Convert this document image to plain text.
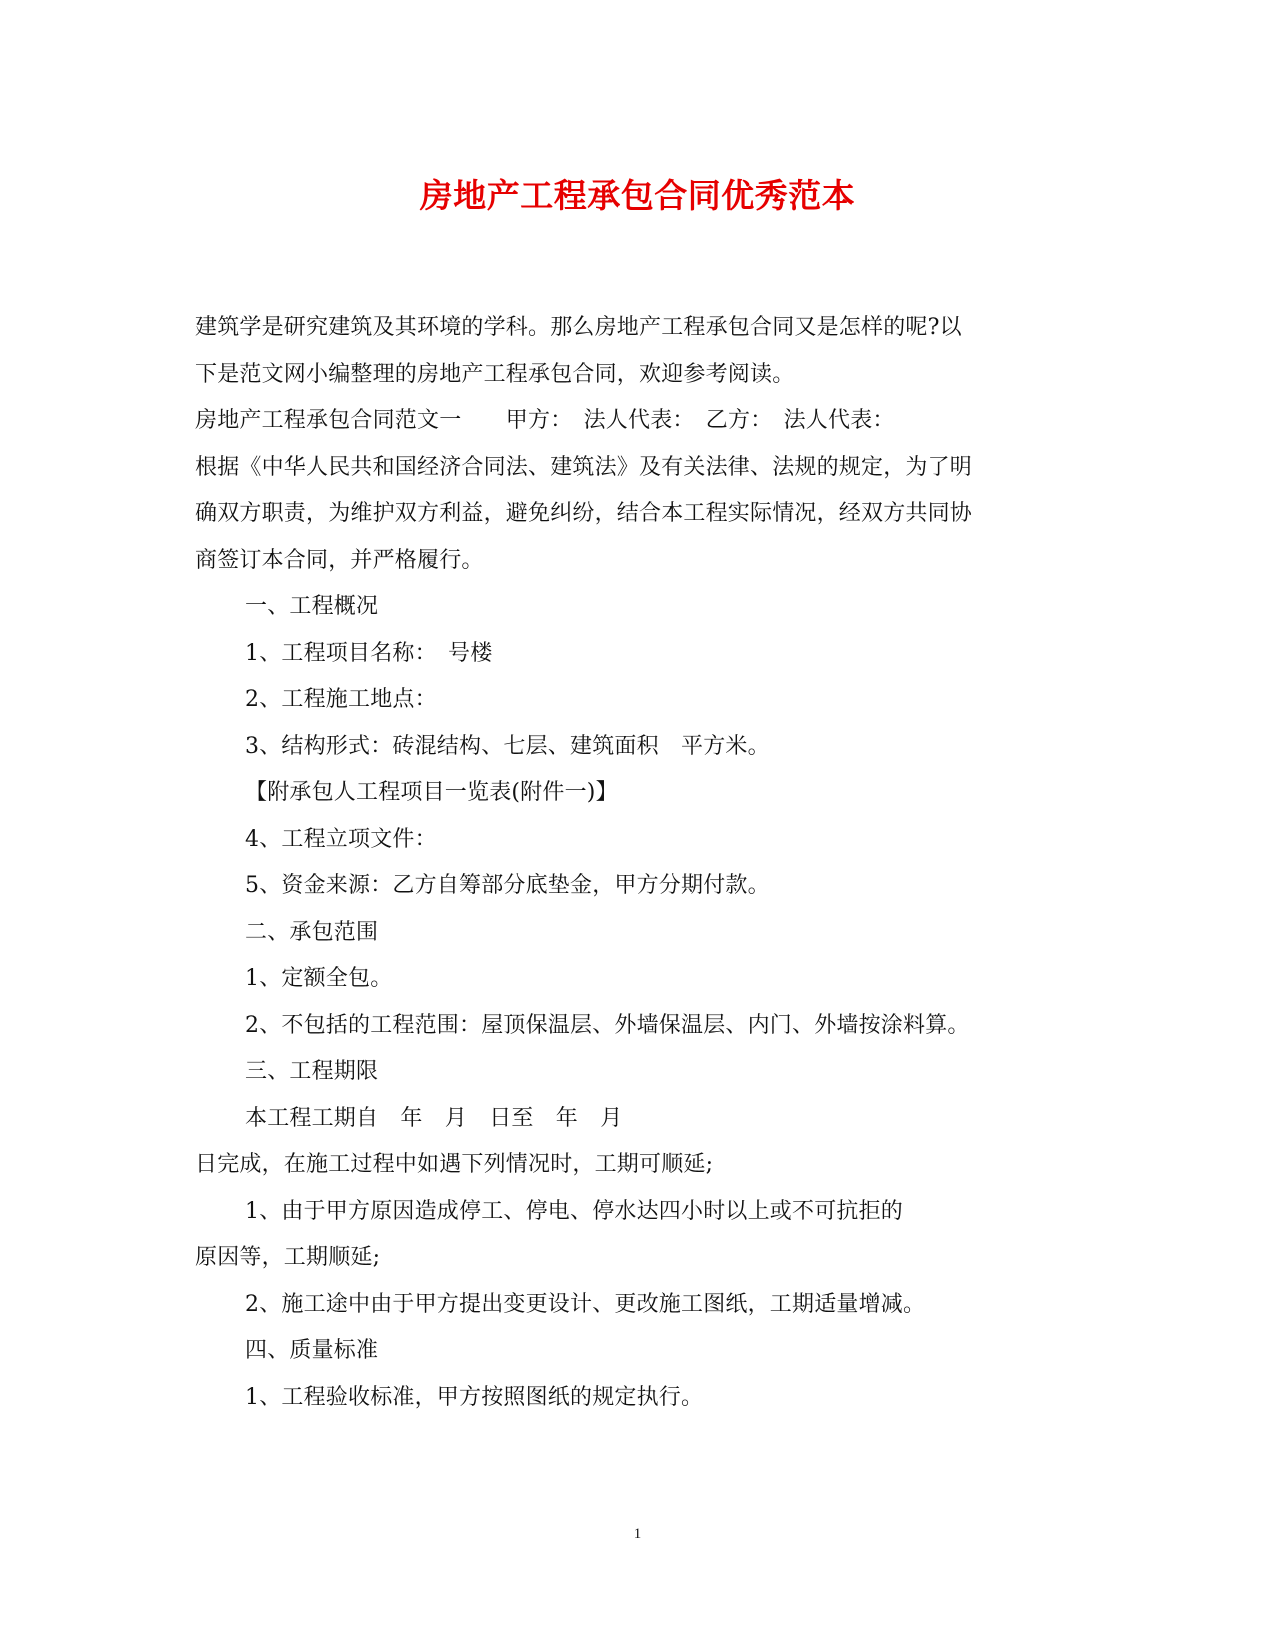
房地产工程承包合同优秀范本
建筑学是研究建筑及其环境的学科。那么房地产工程承包合同又是怎样的呢?以
下是范文网小编整理的房地产工程承包合同，欢迎参考阅读。
房地产工程承包合同范文一　　甲方：　法人代表：　乙方：　法人代表：
根据《中华人民共和国经济合同法、建筑法》及有关法律、法规的规定，为了明
确双方职责，为维护双方利益，避免纠纷，结合本工程实际情况，经双方共同协
商签订本合同，并严格履行。
一、工程概况
1、工程项目名称：　号楼
2、工程施工地点：
3、结构形式：砖混结构、七层、建筑面积　平方米。
【附承包人工程项目一览表(附件一)】
4、工程立项文件：
5、资金来源：乙方自筹部分底垫金，甲方分期付款。
二、承包范围
1、定额全包。
2、不包括的工程范围：屋顶保温层、外墙保温层、内门、外墙按涂料算。
三、工程期限
本工程工期自　年　月　日至　年　月
日完成，在施工过程中如遇下列情况时，工期可顺延;
1、由于甲方原因造成停工、停电、停水达四小时以上或不可抗拒的
原因等，工期顺延;
2、施工途中由于甲方提出变更设计、更改施工图纸，工期适量增减。
四、质量标准
1、工程验收标准，甲方按照图纸的规定执行。
1
